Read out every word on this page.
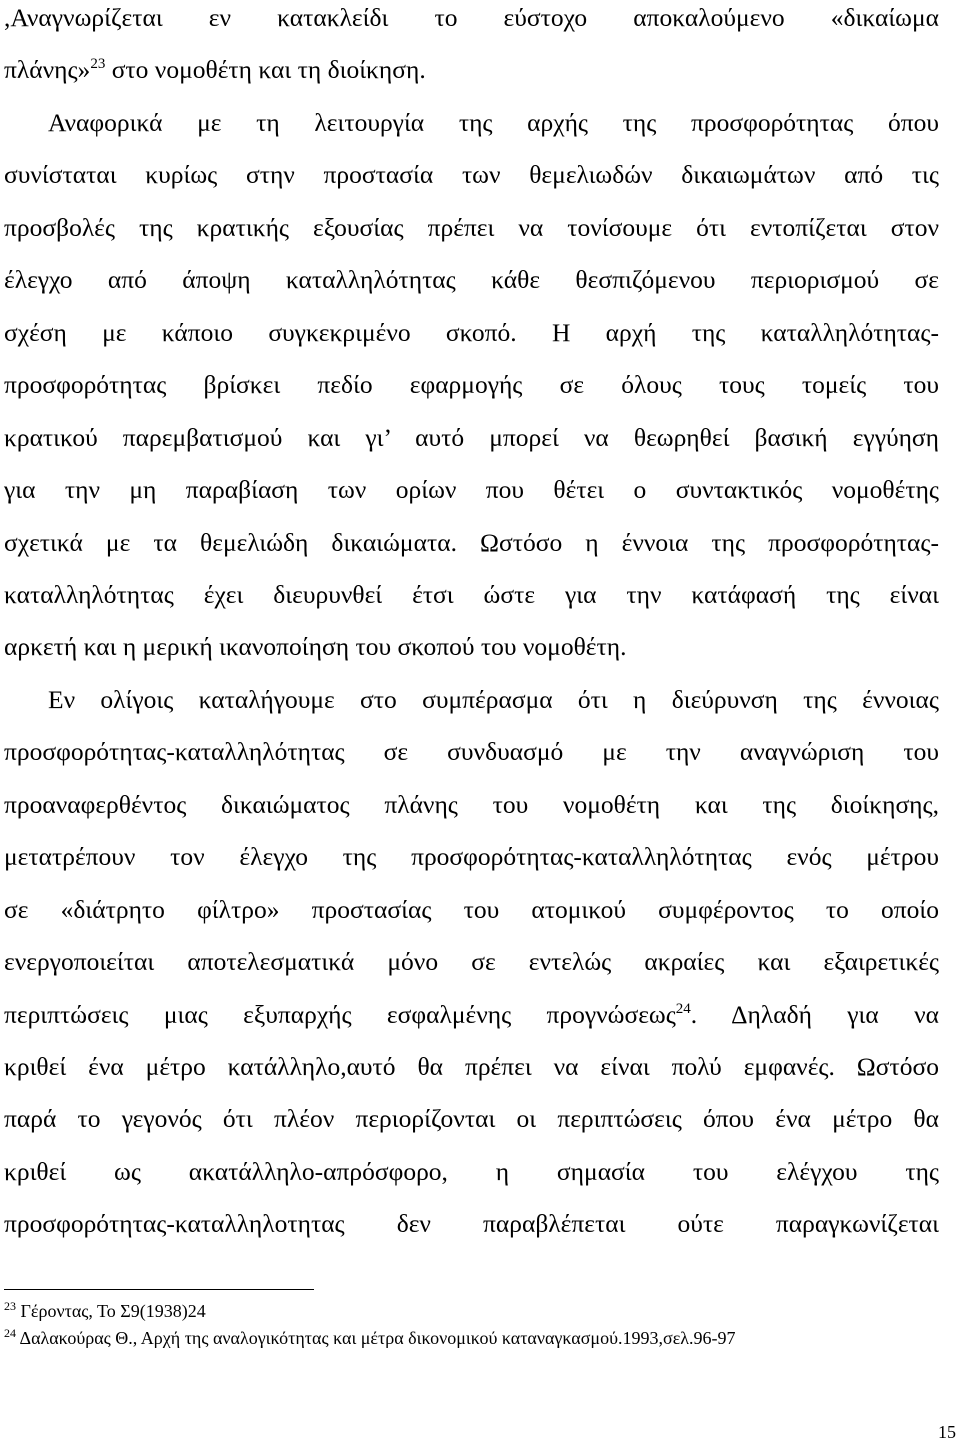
,Αναγνωρίζεται εν κατακλείδι το εύστοχο αποκαλούμενο «δικαίωμα
πλάνης»$^{23}$ στο νομοθέτη και τη διοίκηση.
Αναφορικά με τη λειτουργία της αρχής της προσφορότητας όπου
συνίσταται κυρίως στην προστασία των θεμελιωδών δικαιωμάτων από τις
προσβολές της κρατικής εξουσίας πρέπει να τονίσουμε ότι εντοπίζεται στον
έλεγχο από άποψη καταλληλότητας κάθε θεσπιζόμενου περιορισμού σε
σχέση με κάποιο συγκεκριμένο σκοπό. Η αρχή της καταλληλότητας-
προσφορότητας βρίσκει πεδίο εφαρμογής σε όλους τους τομείς του
κρατικού παρεμβατισμού και γι’ αυτό μπορεί να θεωρηθεί βασική εγγύηση
για την μη παραβίαση των ορίων που θέτει ο συντακτικός νομοθέτης
σχετικά με τα θεμελιώδη δικαιώματα. Ωστόσο η έννοια της προσφορότητας-
καταλληλότητας έχει διευρυνθεί έτσι ώστε για την κατάφασή της είναι
αρκετή και η μερική ικανοποίηση του σκοπού του νομοθέτη.
Εν ολίγοις καταλήγουμε στο συμπέρασμα ότι η διεύρυνση της έννοιας
προσφορότητας-καταλληλότητας σε συνδυασμό με την αναγνώριση του
προαναφερθέντος δικαιώματος πλάνης του νομοθέτη και της διοίκησης,
μετατρέπουν τον έλεγχο της προσφορότητας-καταλληλότητας ενός μέτρου
σε «διάτρητο φίλτρο» προστασίας του ατομικού συμφέροντος το οποίο
ενεργοποιείται αποτελεσματικά μόνο σε εντελώς ακραίες και εξαιρετικές
περιπτώσεις μιας εξυπαρχής εσφαλμένης προγνώσεως$^{24}$. Δηλαδή για να
κριθεί ένα μέτρο κατάλληλο,αυτό θα πρέπει να είναι πολύ εμφανές. Ωστόσο
παρά το γεγονός ότι πλέον περιορίζονται οι περιπτώσεις όπου ένα μέτρο θα
κριθεί ως ακατάλληλο-απρόσφορο, η σημασία του ελέγχου της
προσφορότητας-καταλληλοτητας δεν παραβλέπεται ούτε παραγκωνίζεται
$^{23}$ Γέροντας, Το Σ9(1938)24
$^{24}$ Δαλακούρας Θ., Αρχή της αναλογικότητας και μέτρα δικονομικού καταναγκασμού.1993,σελ.96-97
15
